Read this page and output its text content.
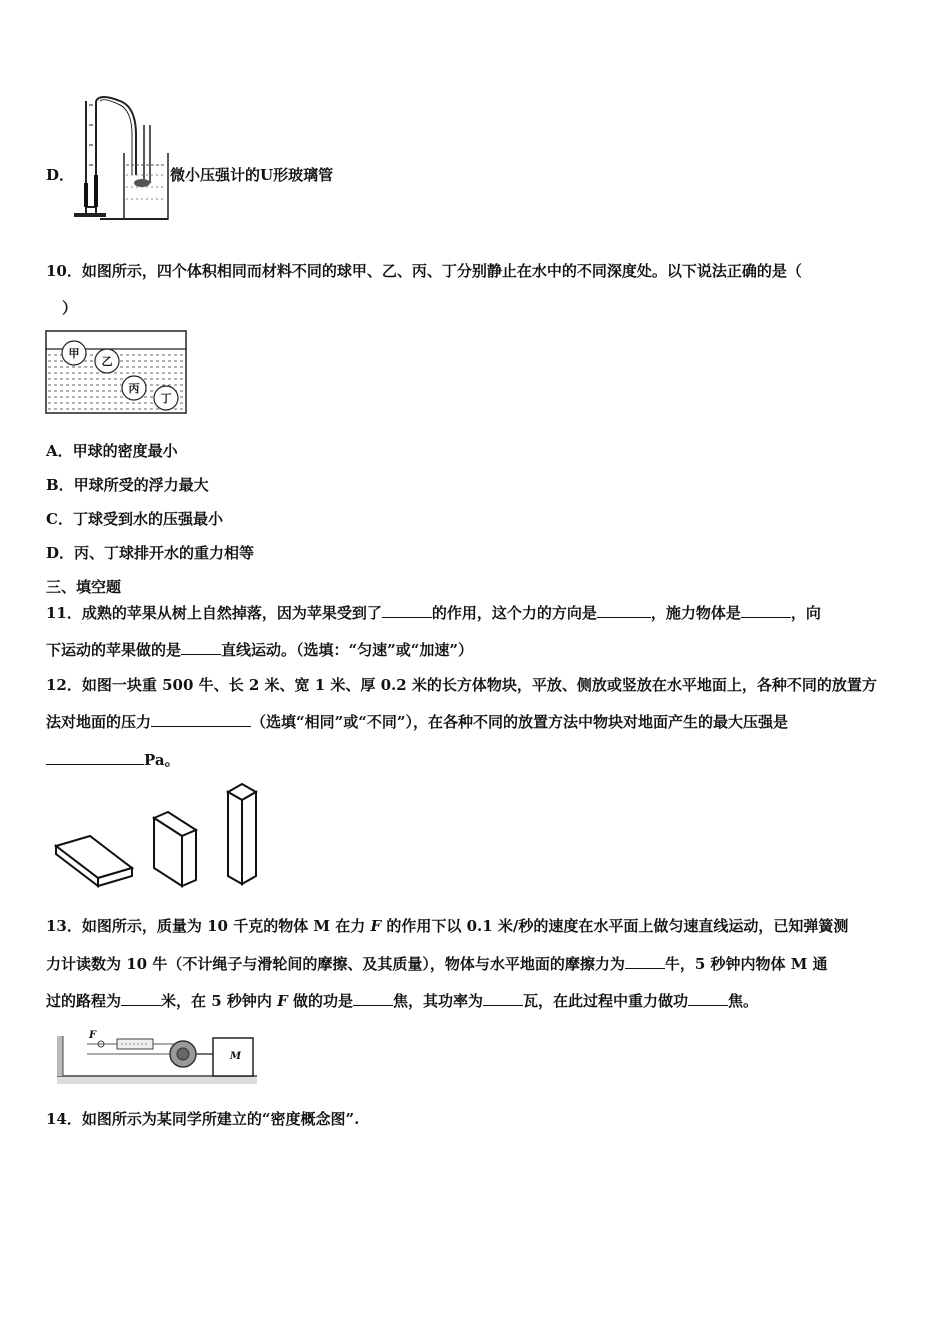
D．	微小压强计的U形玻璃管
10．如图所示，四个体积相同而材料不同的球甲、乙、丙、丁分别静止在水中的不同深度处。以下说法正确的是（
）
甲
乙
丙
丁
A．甲球的密度最小
B．甲球所受的浮力最大
C．丁球受到水的压强最小
D．丙、丁球排开水的重力相等
三、填空题
11．成熟的苹果从树上自然掉落，因为苹果受到了	的作用，这个力的方向是	，施力物体是	，向
下运动的苹果做的是	直线运动。（选填：“匀速”或“加速”）
12．如图一块重 500 牛、长 2 米、宽 1 米、厚 0.2 米的长方体物块，平放、侧放或竖放在水平地面上，各种不同的放置方
法对地面的压力	（选填“相同”或“不同”），在各种不同的放置方法中物块对地面产生的最大压强是
Pa。
13．如图所示，质量为 10 千克的物体 M 在力 F 的作用下以 0.1 米/秒的速度在水平面上做匀速直线运动，已知弹簧测
力计读数为 10 牛（不计绳子与滑轮间的摩擦、及其质量），物体与水平地面的摩擦力为	牛，5 秒钟内物体 M 通
过的路程为	米，在 5 秒钟内 F 做的功是	焦，其功率为	瓦，在此过程中重力做功	焦。
F
M
14．如图所示为某同学所建立的“密度概念图”.
